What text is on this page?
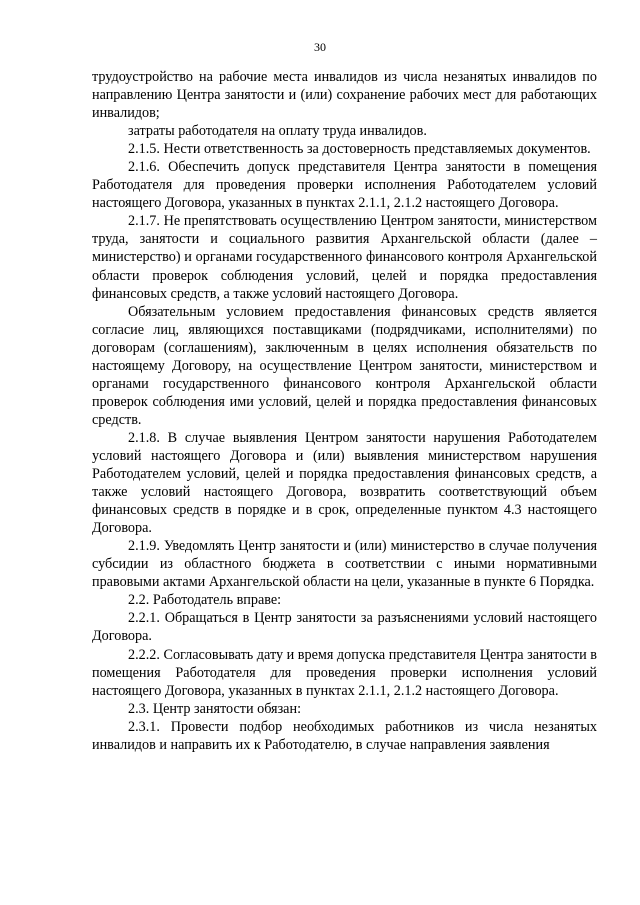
30

трудоустройство на рабочие места инвалидов из числа незанятых инвалидов по направлению Центра занятости и (или) сохранение рабочих мест для работающих инвалидов;

затраты работодателя на оплату труда инвалидов.

2.1.5. Нести ответственность за достоверность представляемых документов.

2.1.6. Обеспечить допуск представителя Центра занятости в помещения Работодателя для проведения проверки исполнения Работодателем условий настоящего Договора, указанных в пунктах 2.1.1, 2.1.2 настоящего Договора.

2.1.7. Не препятствовать осуществлению Центром занятости, министерством труда, занятости и социального развития Архангельской области (далее – министерство) и органами государственного финансового контроля Архангельской области проверок соблюдения условий, целей и порядка предоставления финансовых средств, а также условий настоящего Договора.

Обязательным условием предоставления финансовых средств является согласие лиц, являющихся поставщиками (подрядчиками, исполнителями) по договорам (соглашениям), заключенным в целях исполнения обязательств по настоящему Договору, на осуществление Центром занятости, министерством и органами государственного финансового контроля Архангельской области проверок соблюдения ими условий, целей и порядка предоставления финансовых средств.

2.1.8. В случае выявления Центром занятости нарушения Работодателем условий настоящего Договора и (или) выявления министерством нарушения Работодателем условий, целей и порядка предоставления финансовых средств, а также условий настоящего Договора, возвратить соответствующий объем финансовых средств в порядке и в срок, определенные пунктом 4.3 настоящего Договора.

2.1.9. Уведомлять Центр занятости и (или) министерство в случае получения субсидии из областного бюджета в соответствии с иными нормативными правовыми актами Архангельской области на цели, указанные в пункте 6 Порядка.

2.2. Работодатель вправе:

2.2.1. Обращаться в Центр занятости за разъяснениями условий настоящего Договора.

2.2.2. Согласовывать дату и время допуска представителя Центра занятости в помещения Работодателя для проведения проверки исполнения условий настоящего Договора, указанных в пунктах 2.1.1, 2.1.2 настоящего Договора.

2.3. Центр занятости обязан:

2.3.1. Провести подбор необходимых работников из числа незанятых инвалидов и направить их к Работодателю, в случае направления заявления
